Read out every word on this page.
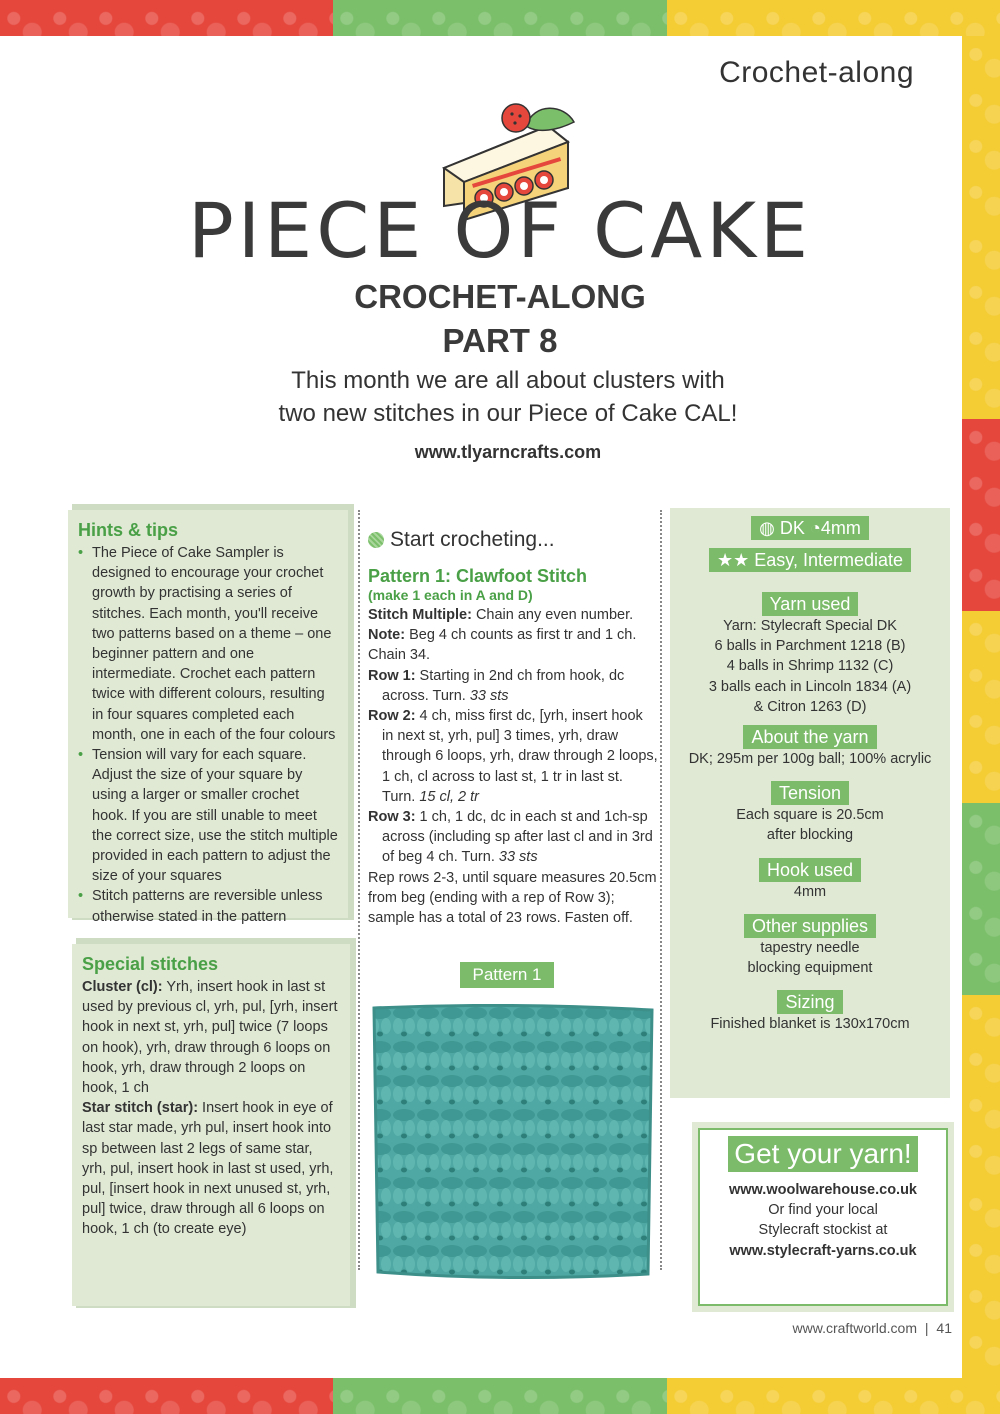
Crochet-along
PIECE OF CAKE
CROCHET-ALONG
PART 8
This month we are all about clusters with
two new stitches in our Piece of Cake CAL!
www.tlyarncrafts.com
Hints & tips
• The Piece of Cake Sampler is designed to encourage your crochet growth by practising a series of stitches. Each month, you'll receive two patterns based on a theme – one beginner pattern and one intermediate. Crochet each pattern twice with different colours, resulting in four squares completed each month, one in each of the four colours
• Tension will vary for each square. Adjust the size of your square by using a larger or smaller crochet hook. If you are still unable to meet the correct size, use the stitch multiple provided in each pattern to adjust the size of your squares
• Stitch patterns are reversible unless otherwise stated in the pattern
Special stitches

Cluster (cl): Yrh, insert hook in last st used by previous cl, yrh, pul, [yrh, insert hook in next st, yrh, pul] twice (7 loops on hook), yrh, draw through 6 loops on hook, yrh, draw through 2 loops on hook, 1 ch

Star stitch (star): Insert hook in eye of last star made, yrh pul, insert hook into sp between last 2 legs of same star, yrh, pul, insert hook in last st used, yrh, pul, [insert hook in next unused st, yrh, pul] twice, draw through all 6 loops on hook, 1 ch (to create eye)

Start crocheting...
Pattern 1: Clawfoot Stitch
(make 1 each in A and D)

Stitch Multiple: Chain any even number.

Note: Beg 4 ch counts as first tr and 1 ch.

Chain 34.

Row 1: Starting in 2nd ch from hook, dc across. Turn. 33 sts

Row 2: 4 ch, miss first dc, [yrh, insert hook in next st, yrh, pul] 3 times, yrh, draw through 6 loops, yrh, draw through 2 loops, 1 ch, cl across to last st, 1 tr in last st. Turn. 15 cl, 2 tr

Row 3: 1 ch, 1 dc, dc in each st and 1ch-sp across (including sp after last cl and in 3rd of beg 4 ch. Turn. 33 sts

Rep rows 2-3, until square measures 20.5cm from beg (ending with a rep of Row 3); sample has a total of 23 rows. Fasten off.

Pattern 1
◍ DK ◔4mm
★★ Easy, Intermediate
Yarn used
Yarn: Stylecraft Special DK
6 balls in Parchment 1218 (B)
4 balls in Shrimp 1132 (C)
3 balls each in Lincoln 1834 (A)
& Citron 1263 (D)
About the yarn
DK; 295m per 100g ball; 100% acrylic
Tension
Each square is 20.5cm
after blocking
Hook used
4mm
Other supplies
tapestry needle
blocking equipment
Sizing
Finished blanket is 130x170cm
Get your yarn!
www.woolwarehouse.co.uk
Or find your local
Stylecraft stockist at
www.stylecraft-yarns.co.uk
www.craftworld.com | 41
